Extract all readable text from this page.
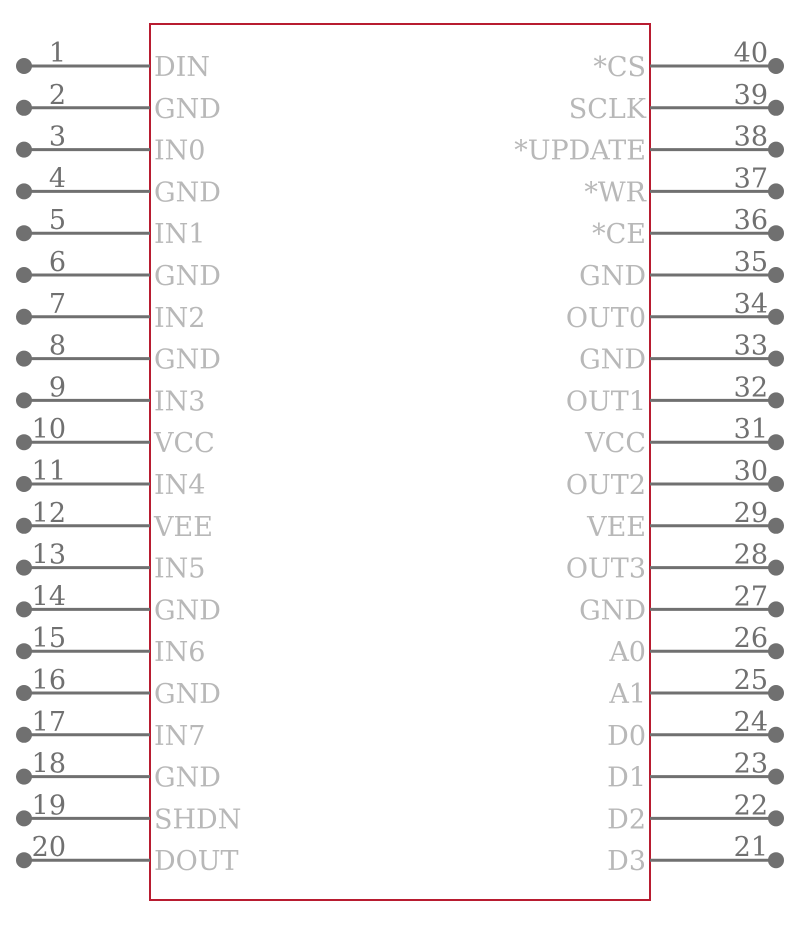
1	DIN
2	GND
3	IN0
4	GND
5	IN1
6	GND
7	IN2
8	GND
9	IN3
10	VCC
11	IN4
12	VEE
13	IN5
14	GND
15	IN6
16	GND
17	IN7
18	GND
19	SHDN
20	DOUT
40
*CS
39
SCLK
38
*UPDATE
37
*WR
36
*CE
35
GND
34
OUT0
33
GND
32
OUT1
31
VCC
30
OUT2
29
VEE
28
OUT3
27
GND
26
A0
25
A1
24
D0
23
D1
22
D2
21
D3
